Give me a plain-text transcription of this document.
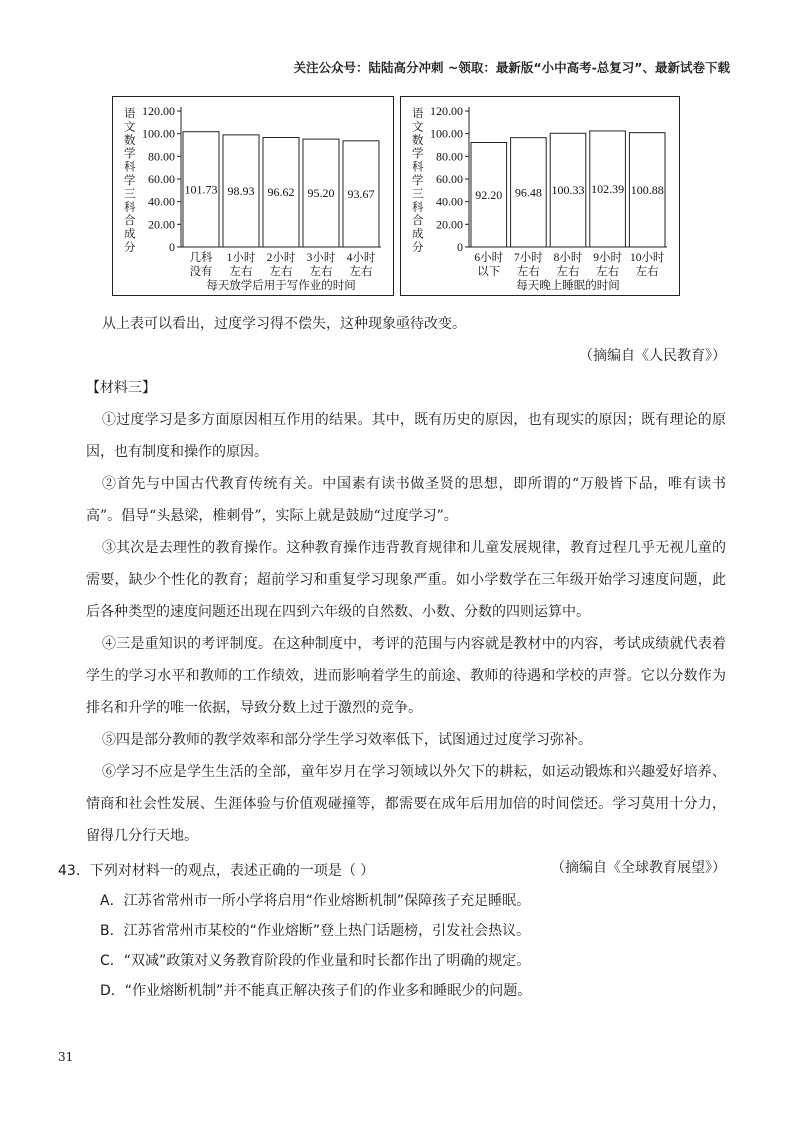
关注公众号：陆陆高分冲刺 ~领取：最新版“小中高考-总复习”、最新试卷下载
语文数学科学三科合成分	0
20.00
40.00
60.00
80.00
100.00
120.00
101.73
几科
没有
98.93
1小时
左右
96.62
2小时
左右
95.20
3小时
左右
93.67
4小时
左右
每天放学后用于写作业的时间
语文数学科学三科合成分	0
20.00
40.00
60.00
80.00
100.00
120.00
92.20
6小时
以下
96.48
7小时
左右
100.33
8小时
左右
102.39
9小时
左右
100.88
10小时
左右
每天晚上睡眠的时间

从上表可以看出，过度学习得不偿失，这种现象亟待改变。

（摘编自《人民教育》）

【材料三】

①过度学习是多方面原因相互作用的结果。其中，既有历史的原因，也有现实的原因；既有理论的原因，也有制度和操作的原因。

②首先与中国古代教育传统有关。中国素有读书做圣贤的思想，即所谓的“万般皆下品，唯有读书高”。倡导“头悬梁，椎刺骨”，实际上就是鼓励“过度学习”。

③其次是去理性的教育操作。这种教育操作违背教育规律和儿童发展规律，教育过程几乎无视儿童的需要，缺少个性化的教育；超前学习和重复学习现象严重。如小学数学在三年级开始学习速度问题，此后各种类型的速度问题还出现在四到六年级的自然数、小数、分数的四则运算中。

④三是重知识的考评制度。在这种制度中，考评的范围与内容就是教材中的内容，考试成绩就代表着学生的学习水平和教师的工作绩效，进而影响着学生的前途、教师的待遇和学校的声誉。它以分数作为排名和升学的唯一依据，导致分数上过于激烈的竞争。

⑤四是部分教师的教学效率和部分学生学习效率低下，试图通过过度学习弥补。

⑥学习不应是学生生活的全部，童年岁月在学习领域以外欠下的耕耘，如运动锻炼和兴趣爱好培养、情商和社会性发展、生涯体验与价值观碰撞等，都需要在成年后用加倍的时间偿还。学习莫用十分力，留得几分行天地。

（摘编自《全球教育展望》）

43．下列对材料一的观点，表述正确的一项是（ ）

A．江苏省常州市一所小学将启用“作业熔断机制”保障孩子充足睡眠。

B．江苏省常州市某校的“作业熔断”登上热门话题榜，引发社会热议。

C．“双减”政策对义务教育阶段的作业量和时长都作出了明确的规定。

D．“作业熔断机制”并不能真正解决孩子们的作业多和睡眠少的问题。

31
